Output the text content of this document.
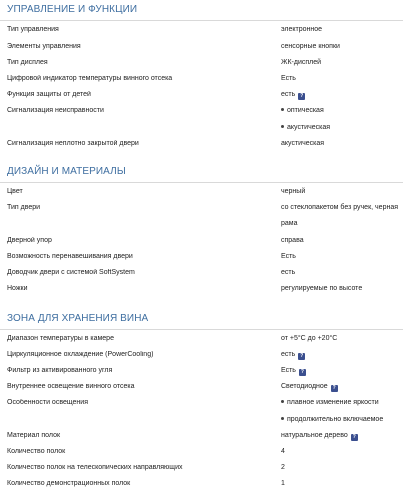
УПРАВЛЕНИЕ И ФУНКЦИИ
Тип управления	электронное
Элементы управления	сенсорные кнопки
Тип дисплея	ЖК-дисплей
Цифровой индикатор температуры винного отсека	Есть
Функция защиты от детей	есть ?
Сигнализация неисправности	оптическая
акустическая
Сигнализация неплотно закрытой двери	акустическая
ДИЗАЙН И МАТЕРИАЛЫ
Цвет	черный
Тип двери	со стеклопакетом без ручек, черная рама
Дверной упор	справа
Возможность перенавешивания двери	Есть
Доводчик двери с системой SoftSystem	есть
Ножки	регулируемые по высоте
ЗОНА ДЛЯ ХРАНЕНИЯ ВИНА
Диапазон температуры в камере	от +5°С до +20°С
Циркуляционное охлаждение (PowerCooling)	есть ?
Фильтр из активированного угля	Есть ?
Внутреннее освещение винного отсека	Светодиодное ?
Особенности освещения	плавное изменение яркости
продолжительно включаемое
Материал полок	натуральное дерево ?
Количество полок	4
Количество полок на телескопических направляющих	2
Количество демонстрационных полок	1
